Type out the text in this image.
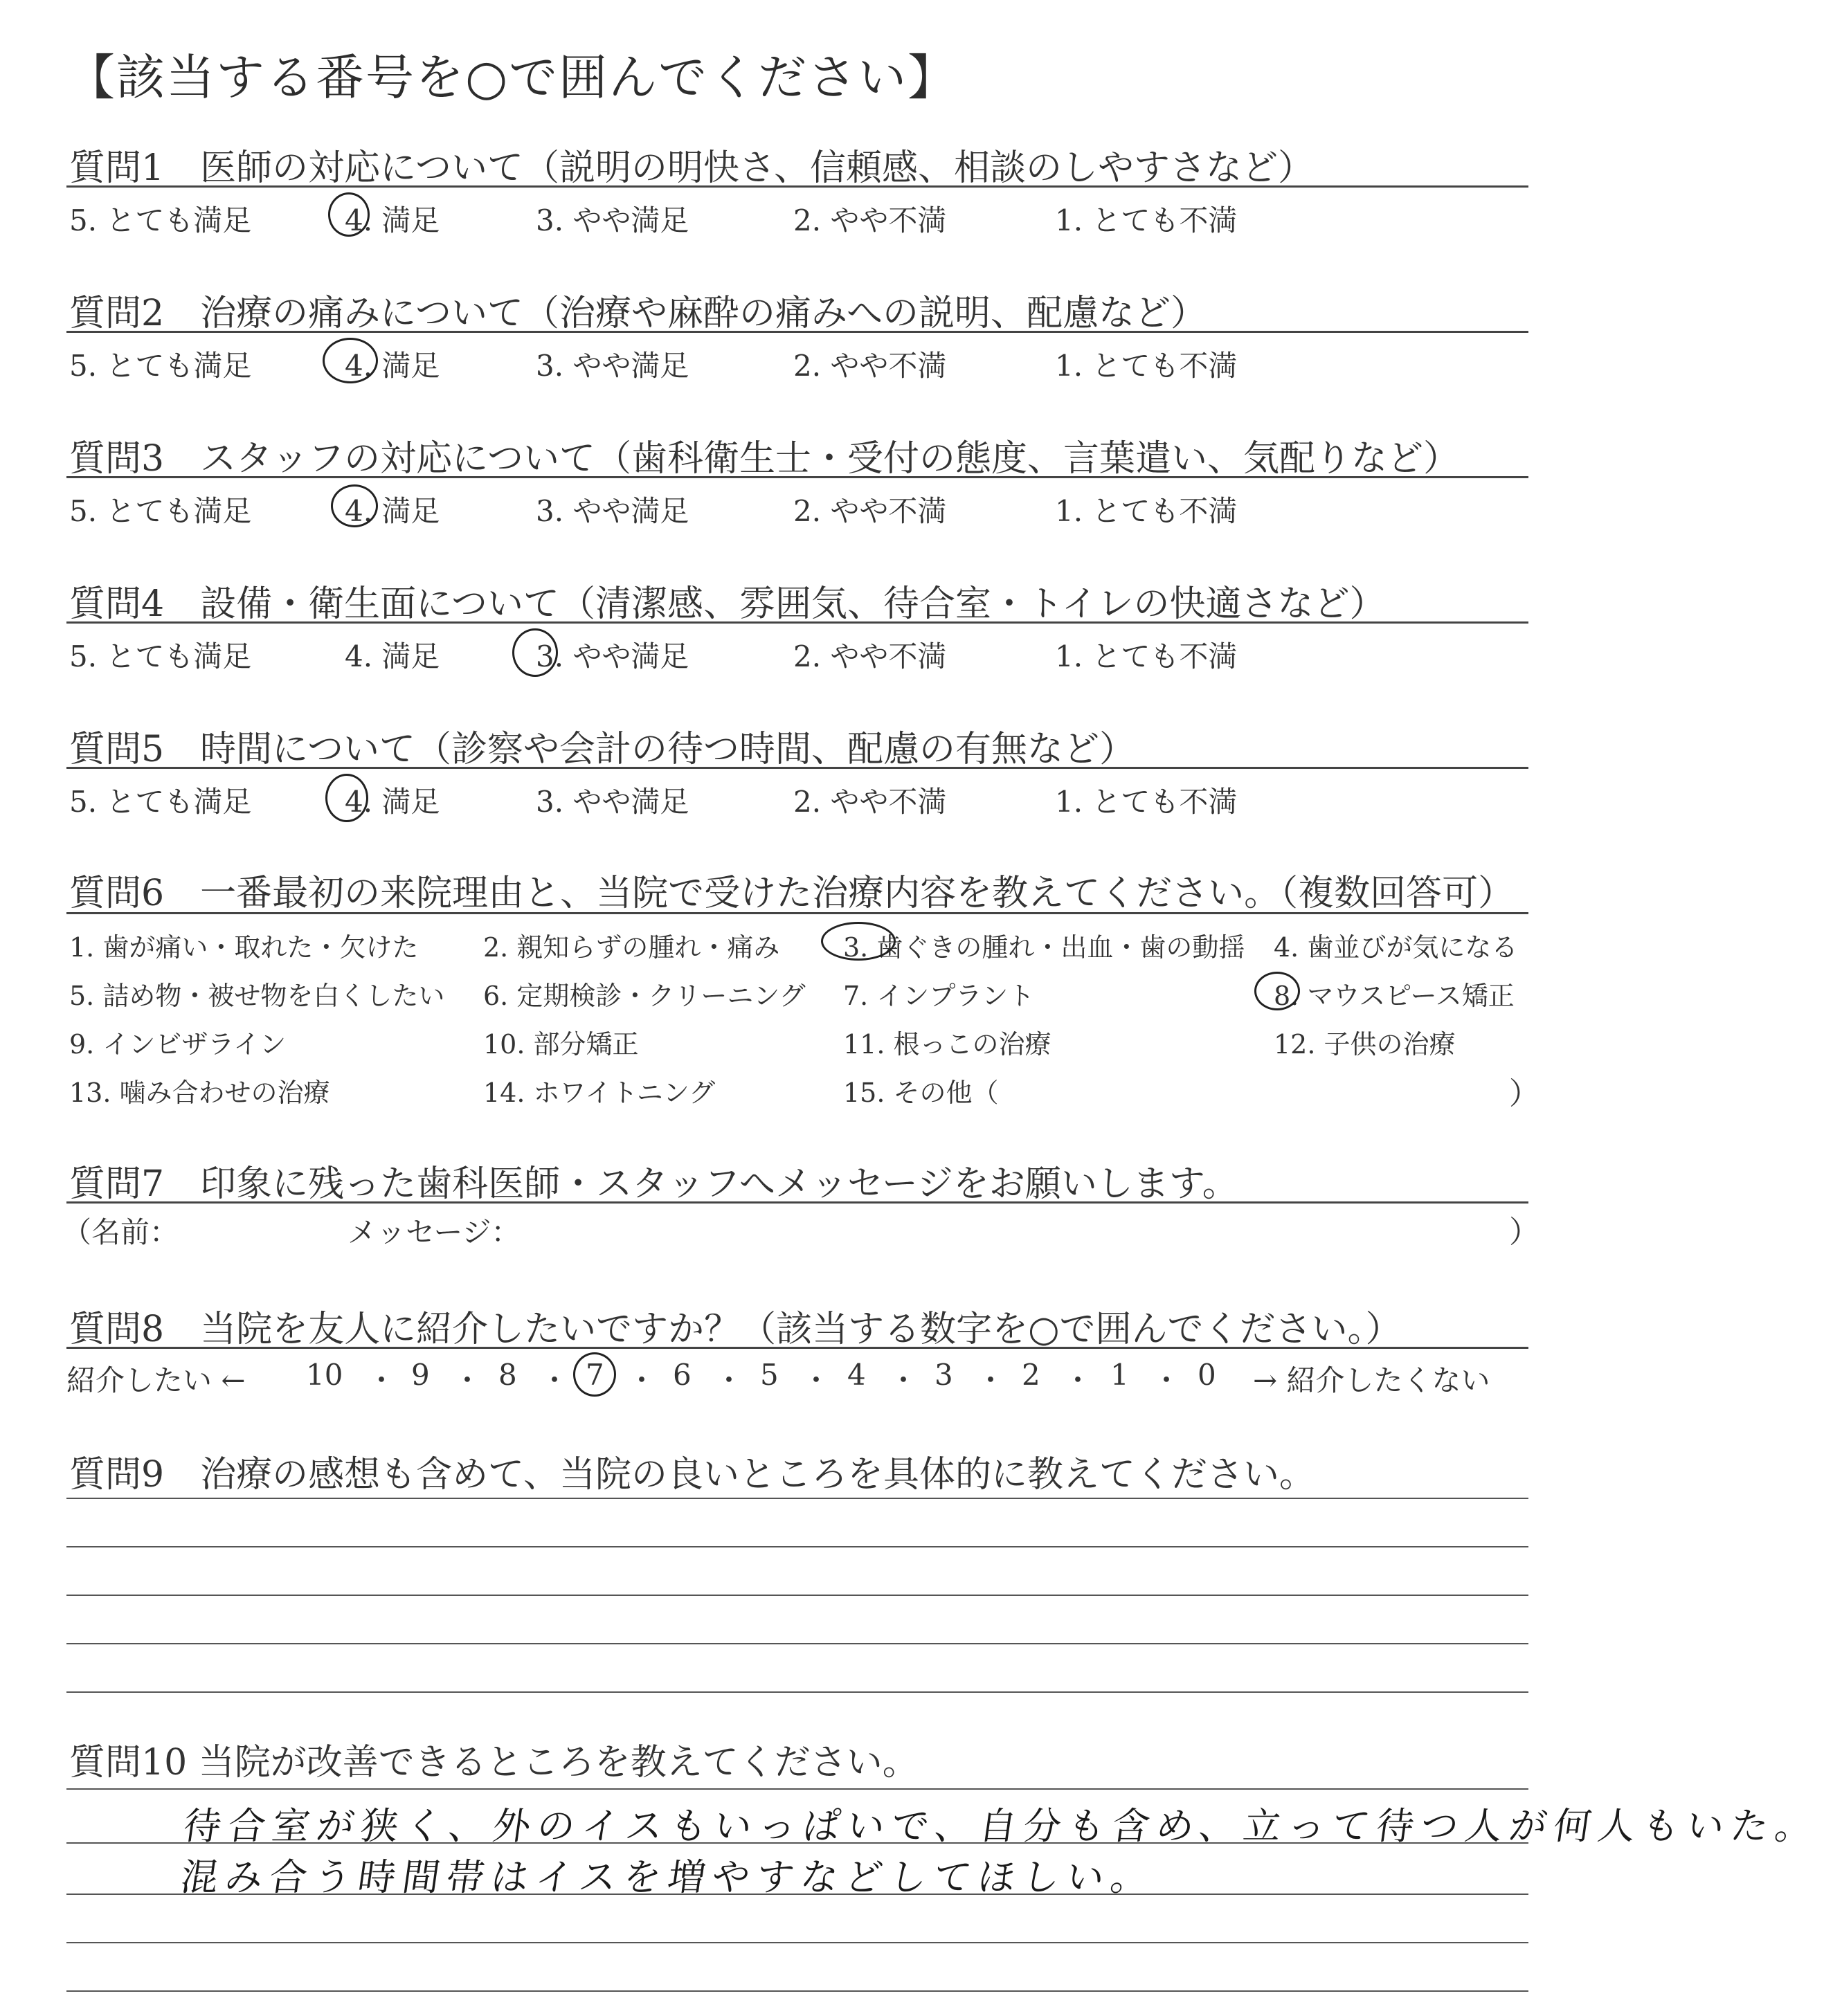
【該当する番号を○で囲んでください】
質問1　医師の対応について（説明の明快さ、信頼感、相談のしやすさなど）
5. とても満足	4. 満足	3. やや満足	2. やや不満	1. とても不満
質問2　治療の痛みについて（治療や麻酔の痛みへの説明、配慮など）
5. とても満足	4. 満足	3. やや満足	2. やや不満	1. とても不満
質問3　スタッフの対応について（歯科衛生士・受付の態度、言葉遣い、気配りなど）
5. とても満足	4. 満足	3. やや満足	2. やや不満	1. とても不満
質問4　設備・衛生面について（清潔感、雰囲気、待合室・トイレの快適さなど）
5. とても満足	4. 満足	3. やや満足	2. やや不満	1. とても不満
質問5　時間について（診察や会計の待つ時間、配慮の有無など）
5. とても満足	4. 満足	3. やや満足	2. やや不満	1. とても不満
質問6　一番最初の来院理由と、当院で受けた治療内容を教えてください。（複数回答可）
1. 歯が痛い・取れた・欠けた 2. 親知らずの腫れ・痛み 3. 歯ぐきの腫れ・出血・歯の動揺 4. 歯並びが気になる
5. 詰め物・被せ物を白くしたい 6. 定期検診・クリーニング 7. インプラント	8. マウスピース矯正
9. インビザライン	10. 部分矯正	11. 根っこの治療	12. 子供の治療
13. 噛み合わせの治療	14. ホワイトニング	15. その他（	）
質問7　印象に残った歯科医師・スタッフへメッセージをお願いします。
（名前：	メッセージ：	）
質問8　当院を友人に紹介したいですか？（該当する数字を○で囲んでください。）
紹介したい ← 10 ・ 9 ・ 8 ・ 7 ・ 6 ・ 5 ・ 4 ・ 3 ・ 2 ・ 1 ・ 0 → 紹介したくない
質問9　治療の感想も含めて、当院の良いところを具体的に教えてください。
質問10 当院が改善できるところを教えてください。
待合室が狭く、外のイスもいっぱいで、自分も含め、立って待つ人が何人もいた。
混み合う時間帯はイスを増やすなどしてほしい。
